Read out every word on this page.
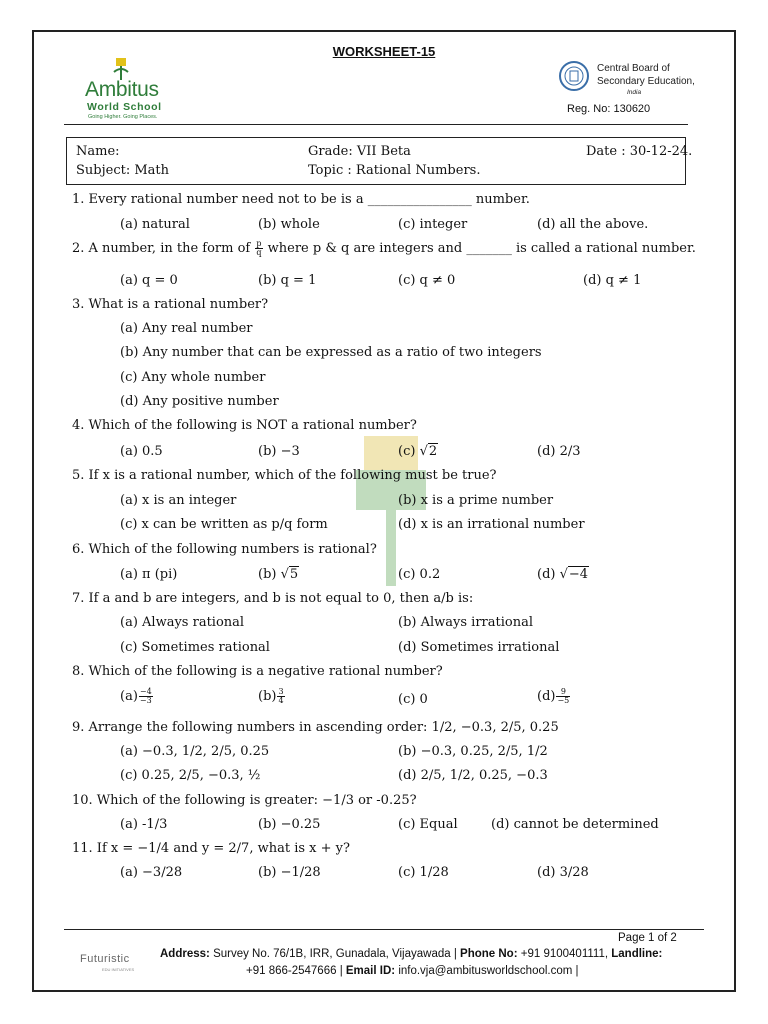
WORKSHEET-15
Ambitus
World School
Going Higher. Going Places.
Central Board of
Secondary Education,
India
Reg. No: 130620
Name:	Grade: VII Beta	Date : 30-12-24.
Subject: Math	Topic : Rational Numbers.
1. Every rational number need not to be is a ________________ number.
(a) natural	(b) whole	(c) integer	(d) all the above.
2. A number, in the form of $\frac{p}{q}$ where p & q are integers and _______ is called a rational number.
(a) q = 0	(b) q = 1	(c) q ≠ 0	(d) q ≠ 1
3. What is a rational number?
(a) Any real number
(b) Any number that can be expressed as a ratio of two integers
(c) Any whole number
(d) Any positive number
4. Which of the following is NOT a rational number?
(a) 0.5	(b) −3	(c) √2	(d) 2/3
5. If x is a rational number, which of the following must be true?
(a) x is an integer	(b) x is a prime number
(c) x can be written as p/q form	(d) x is an irrational number
6. Which of the following numbers is rational?
(a) π (pi)	(b) √5	(c) 0.2	(d) √−4
7. If a and b are integers, and b is not equal to 0, then a/b is:
(a) Always rational	(b) Always irrational
(c) Sometimes rational	(d) Sometimes irrational
8. Which of the following is a negative rational number?
$(a) \frac{-4}{-3}$	$(b) \frac{3}{4}$	(c) 0	$(d) \frac{9}{-5}$
9. Arrange the following numbers in ascending order: 1/2, −0.3, 2/5, 0.25
(a) −0.3, 1/2, 2/5, 0.25	(b) −0.3, 0.25, 2/5, 1/2
(c) 0.25, 2/5, −0.3, ½	(d) 2/5, 1/2, 0.25, −0.3
10. Which of the following is greater: −1/3 or -0.25?
(a) -1/3	(b) −0.25	(c) Equal	(d) cannot be determined
11. If x = −1/4 and y = 2/7, what is x + y?
(a) −3/28	(b) −1/28	(c) 1/28	(d) 3/28
Page 1 of 2
Futuristic
EDU INITIATIVES
Address: Survey No. 76/1B, IRR, Gunadala, Vijayawada | Phone No: +91 9100401111, Landline:
+91 866-2547666 | Email ID: info.vja@ambitusworldschool.com |
